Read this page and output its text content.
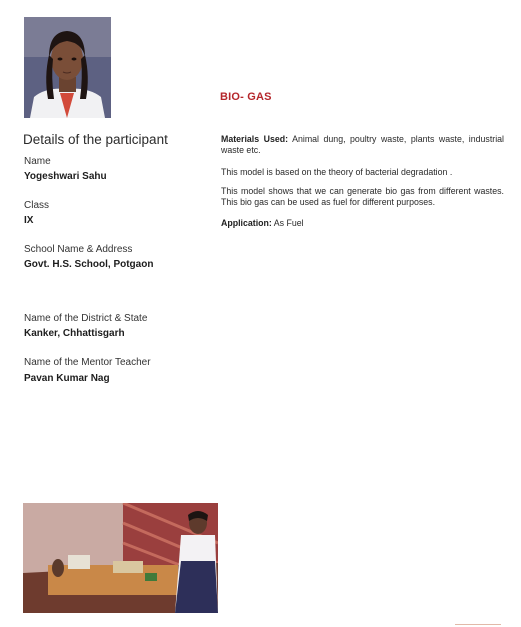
BIO- GAS
Details of the participant
Name
Yogeshwari Sahu
Class
IX
School Name & Address
Govt. H.S. School, Potgaon
Name of the District & State
Kanker, Chhattisgarh
Name of the Mentor Teacher
Pavan Kumar Nag

Materials Used: Animal dung, poultry waste, plants waste, industrial waste etc.

This model is based on the theory of bacterial degradation .

This model shows that we can generate bio gas from different wastes. This bio gas can be used as fuel for different purposes.

Application: As Fuel
